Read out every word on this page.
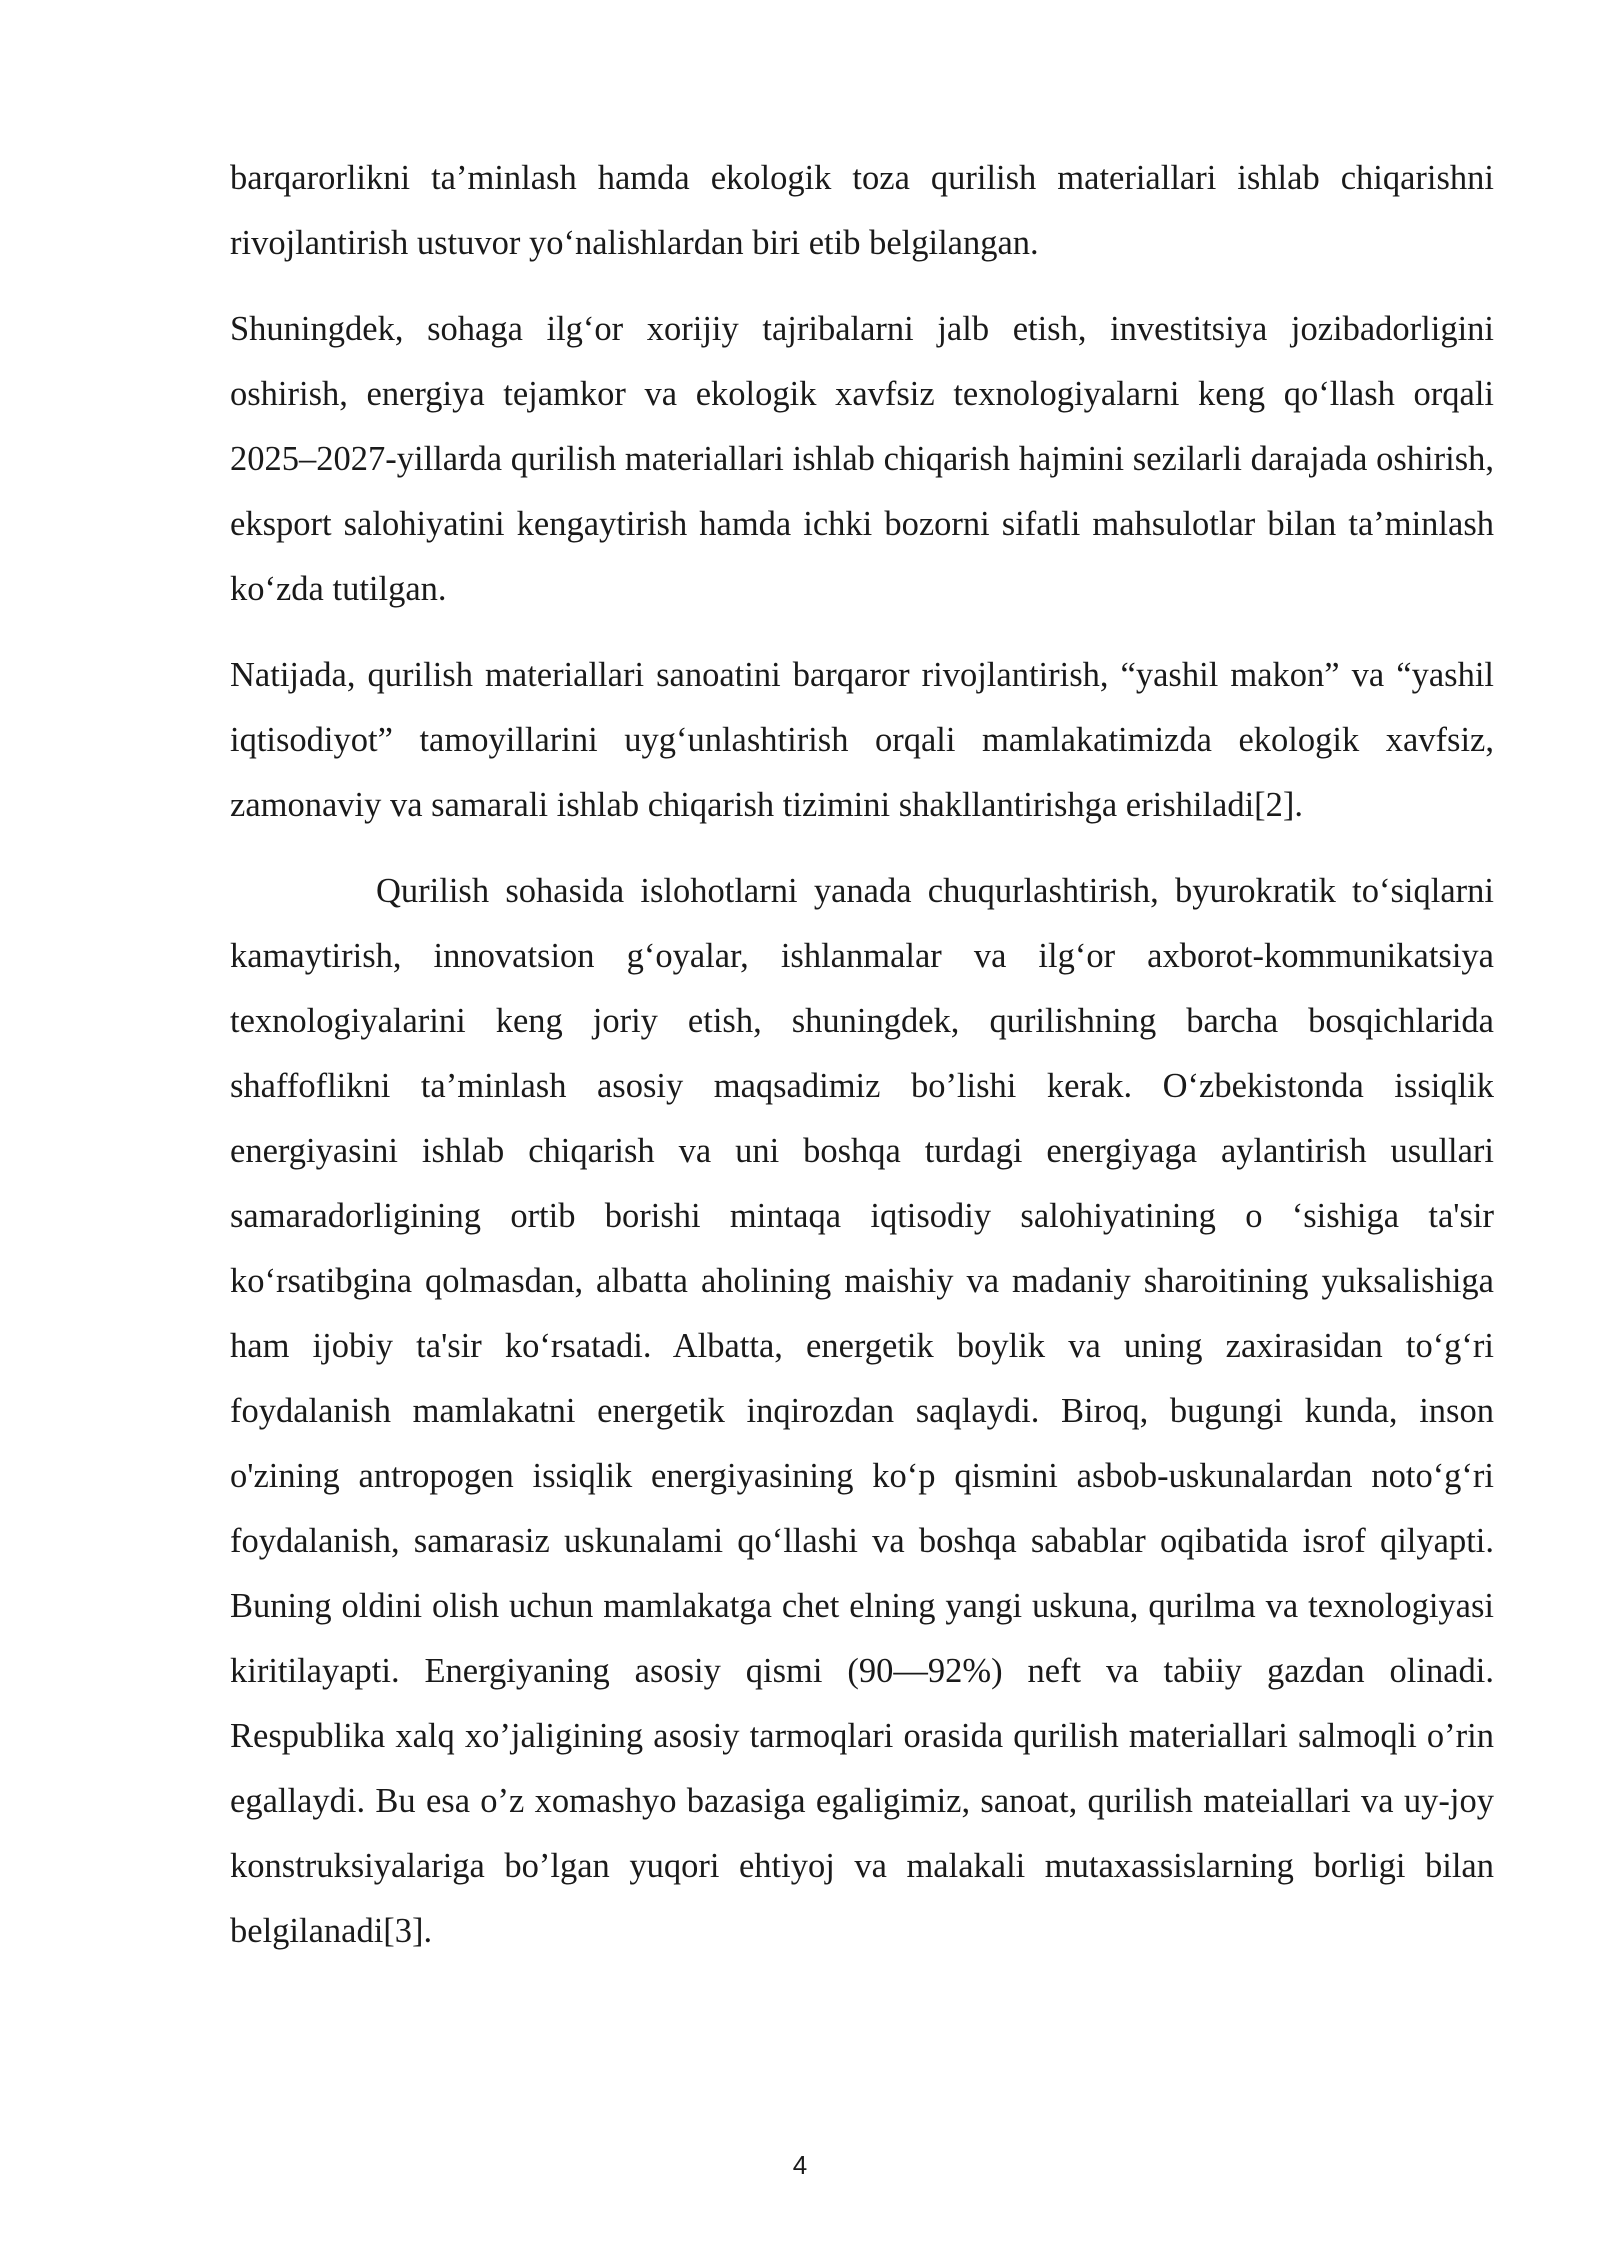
barqarorlikni ta’minlash hamda ekologik toza qurilish materiallari ishlab chiqarishni rivojlantirish ustuvor yo‘nalishlardan biri etib belgilangan.

Shuningdek, sohaga ilg‘or xorijiy tajribalarni jalb etish, investitsiya jozibadorligini oshirish, energiya tejamkor va ekologik xavfsiz texnologiyalarni keng qo‘llash orqali 2025–2027-yillarda qurilish materiallari ishlab chiqarish hajmini sezilarli darajada oshirish, eksport salohiyatini kengaytirish hamda ichki bozorni sifatli mahsulotlar bilan ta’minlash ko‘zda tutilgan.

Natijada, qurilish materiallari sanoatini barqaror rivojlantirish, “yashil makon” va “yashil iqtisodiyot” tamoyillarini uyg‘unlashtirish orqali mamlakatimizda ekologik xavfsiz, zamonaviy va samarali ishlab chiqarish tizimini shakllantirishga erishiladi[2].

Qurilish sohasida islohotlarni yanada chuqurlashtirish, byurokratik to‘siqlarni kamaytirish, innovatsion g‘oyalar, ishlanmalar va ilg‘or axborot-kommunikatsiya texnologiyalarini keng joriy etish, shuningdek, qurilishning barcha bosqichlarida shaffoflikni ta’minlash asosiy maqsadimiz bo’lishi kerak. O‘zbekistonda issiqlik energiyasini ishlab chiqarish va uni boshqa turdagi energiyaga aylantirish usullari samaradorligining ortib borishi mintaqa iqtisodiy salohiyatining o ‘sishiga ta'sir ko‘rsatibgina qolmasdan, albatta aholining maishiy va madaniy sharoitining yuksalishiga ham ijobiy ta'sir ko‘rsatadi. Albatta, energetik boylik va uning zaxirasidan to‘g‘ri foydalanish mamlakatni energetik inqirozdan saqlaydi. Biroq, bugungi kunda, inson o'zining antropogen issiqlik energiyasining ko‘p qismini asbob-uskunalardan noto‘g‘ri foydalanish, samarasiz uskunalami qo‘llashi va boshqa sabablar oqibatida isrof qilyapti. Buning oldini olish uchun mamlakatga chet elning yangi uskuna, qurilma va texnologiyasi kiritilayapti. Energiyaning asosiy qismi (90—92%) neft va tabiiy gazdan olinadi. Respublika xalq xo’jaligining asosiy tarmoqlari orasida qurilish materiallari salmoqli o’rin egallaydi. Bu esa o’z xomashyo bazasiga egaligimiz, sanoat, qurilish mateiallari va uy-joy konstruksiyalariga bo’lgan yuqori ehtiyoj va malakali mutaxassislarning borligi bilan belgilanadi[3].

4
